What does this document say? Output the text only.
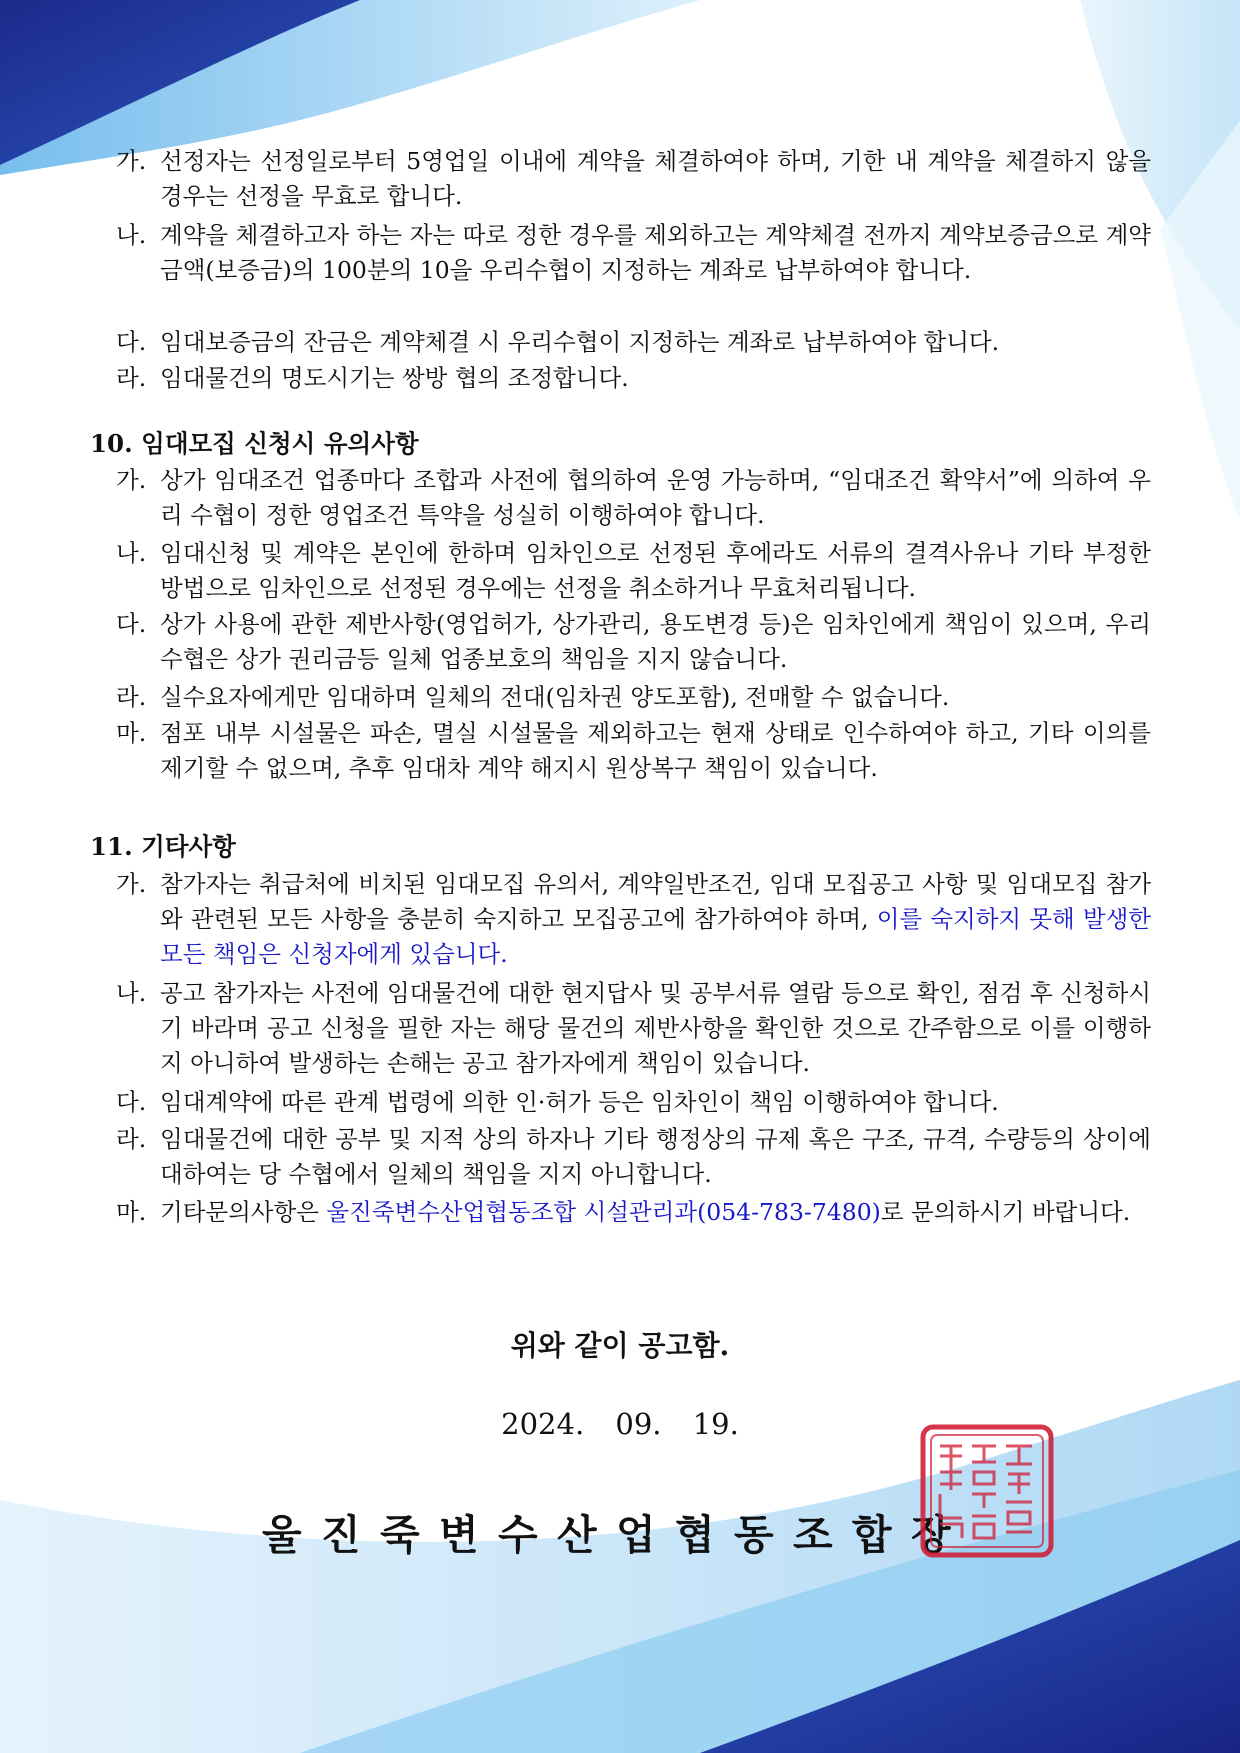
가. 선정자는 선정일로부터 5영업일 이내에 계약을 체결하여야 하며, 기한 내 계약을 체결하지 않을 경우는 선정을 무효로 합니다.
나. 계약을 체결하고자 하는 자는 따로 정한 경우를 제외하고는 계약체결 전까지 계약보증금으로 계약금액(보증금)의 100분의 10을 우리수협이 지정하는 계좌로 납부하여야 합니다.
다. 임대보증금의 잔금은 계약체결 시 우리수협이 지정하는 계좌로 납부하여야 합니다.
라. 임대물건의 명도시기는 쌍방 협의 조정합니다.
10. 임대모집 신청시 유의사항
가. 상가 임대조건 업종마다 조합과 사전에 협의하여 운영 가능하며, “임대조건 확약서”에 의하여 우리 수협이 정한 영업조건 특약을 성실히 이행하여야 합니다.
나. 임대신청 및 계약은 본인에 한하며 임차인으로 선정된 후에라도 서류의 결격사유나 기타 부정한 방법으로 임차인으로 선정된 경우에는 선정을 취소하거나 무효처리됩니다.
다. 상가 사용에 관한 제반사항(영업허가, 상가관리, 용도변경 등)은 임차인에게 책임이 있으며, 우리 수협은 상가 권리금등 일체 업종보호의 책임을 지지 않습니다.
라. 실수요자에게만 임대하며 일체의 전대(임차권 양도포함), 전매할 수 없습니다.
마. 점포 내부 시설물은 파손, 멸실 시설물을 제외하고는 현재 상태로 인수하여야 하고, 기타 이의를 제기할 수 없으며, 추후 임대차 계약 해지시 원상복구 책임이 있습니다.
11. 기타사항
가. 참가자는 취급처에 비치된 임대모집 유의서, 계약일반조건, 임대 모집공고 사항 및 임대모집 참가와 관련된 모든 사항을 충분히 숙지하고 모집공고에 참가하여야 하며, 이를 숙지하지 못해 발생한 모든 책임은 신청자에게 있습니다.
나. 공고 참가자는 사전에 임대물건에 대한 현지답사 및 공부서류 열람 등으로 확인, 점검 후 신청하시기 바라며 공고 신청을 필한 자는 해당 물건의 제반사항을 확인한 것으로 간주함으로 이를 이행하지 아니하여 발생하는 손해는 공고 참가자에게 책임이 있습니다.
다. 임대계약에 따른 관계 법령에 의한 인·허가 등은 임차인이 책임 이행하여야 합니다.
라. 임대물건에 대한 공부 및 지적 상의 하자나 기타 행정상의 규제 혹은 구조, 규격, 수량등의 상이에 대하여는 당 수협에서 일체의 책임을 지지 아니합니다.
마. 기타문의사항은 울진죽변수산업협동조합 시설관리과(054-783-7480)로 문의하시기 바랍니다.
위와 같이 공고함.
2024. 09. 19.
울 진 죽 변 수 산 업 협 동 조 합 장
